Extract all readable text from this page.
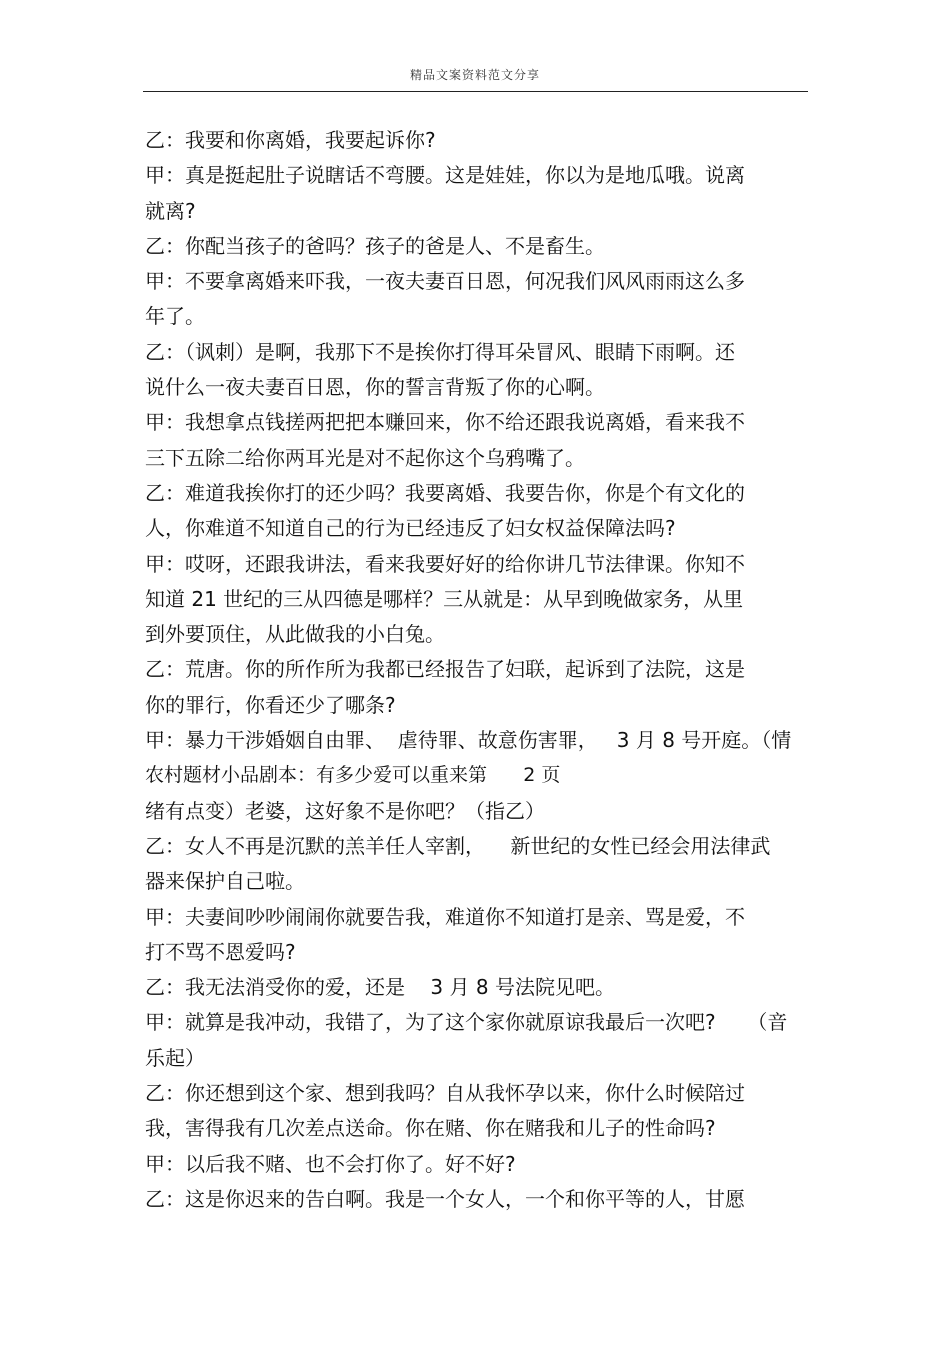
精品文案资料范文分享
乙：我要和你离婚，我要起诉你?
甲：真是挺起肚子说瞎话不弯腰。这是娃娃，你以为是地瓜哦。说离
就离?
乙：你配当孩子的爸吗？孩子的爸是人、不是畜生。
甲：不要拿离婚来吓我，一夜夫妻百日恩，何况我们风风雨雨这么多
年了。
乙：（讽刺）是啊，我那下不是挨你打得耳朵冒风、眼睛下雨啊。还
说什么一夜夫妻百日恩，你的誓言背叛了你的心啊。
甲：我想拿点钱搓两把把本赚回来，你不给还跟我说离婚，看来我不
三下五除二给你两耳光是对不起你这个乌鸦嘴了。
乙：难道我挨你打的还少吗？我要离婚、我要告你，你是个有文化的
人，你难道不知道自己的行为已经违反了妇女权益保障法吗?
甲：哎呀，还跟我讲法，看来我要好好的给你讲几节法律课。你知不
知道 21 世纪的三从四德是哪样？三从就是：从早到晚做家务，从里
到外要顶住，从此做我的小白兔。
乙：荒唐。你的所作所为我都已经报告了妇联，起诉到了法院，这是
你的罪行，你看还少了哪条?
甲：暴力干涉婚姻自由罪、  虐待罪、故意伤害罪，   3 月 8 号开庭。（情
农村题材小品剧本：有多少爱可以重来第      2 页
绪有点变）老婆，这好象不是你吧？（指乙）
乙：女人不再是沉默的羔羊任人宰割，    新世纪的女性已经会用法律武
器来保护自己啦。
甲：夫妻间吵吵闹闹你就要告我，难道你不知道打是亲、骂是爱，不
打不骂不恩爱吗?
乙：我无法消受你的爱，还是    3 月 8 号法院见吧。
甲：就算是我冲动，我错了，为了这个家你就原谅我最后一次吧?     （音
乐起）
乙：你还想到这个家、想到我吗？自从我怀孕以来，你什么时候陪过
我，害得我有几次差点送命。你在赌、你在赌我和儿子的性命吗?
甲：以后我不赌、也不会打你了。好不好?
乙：这是你迟来的告白啊。我是一个女人，一个和你平等的人，甘愿
